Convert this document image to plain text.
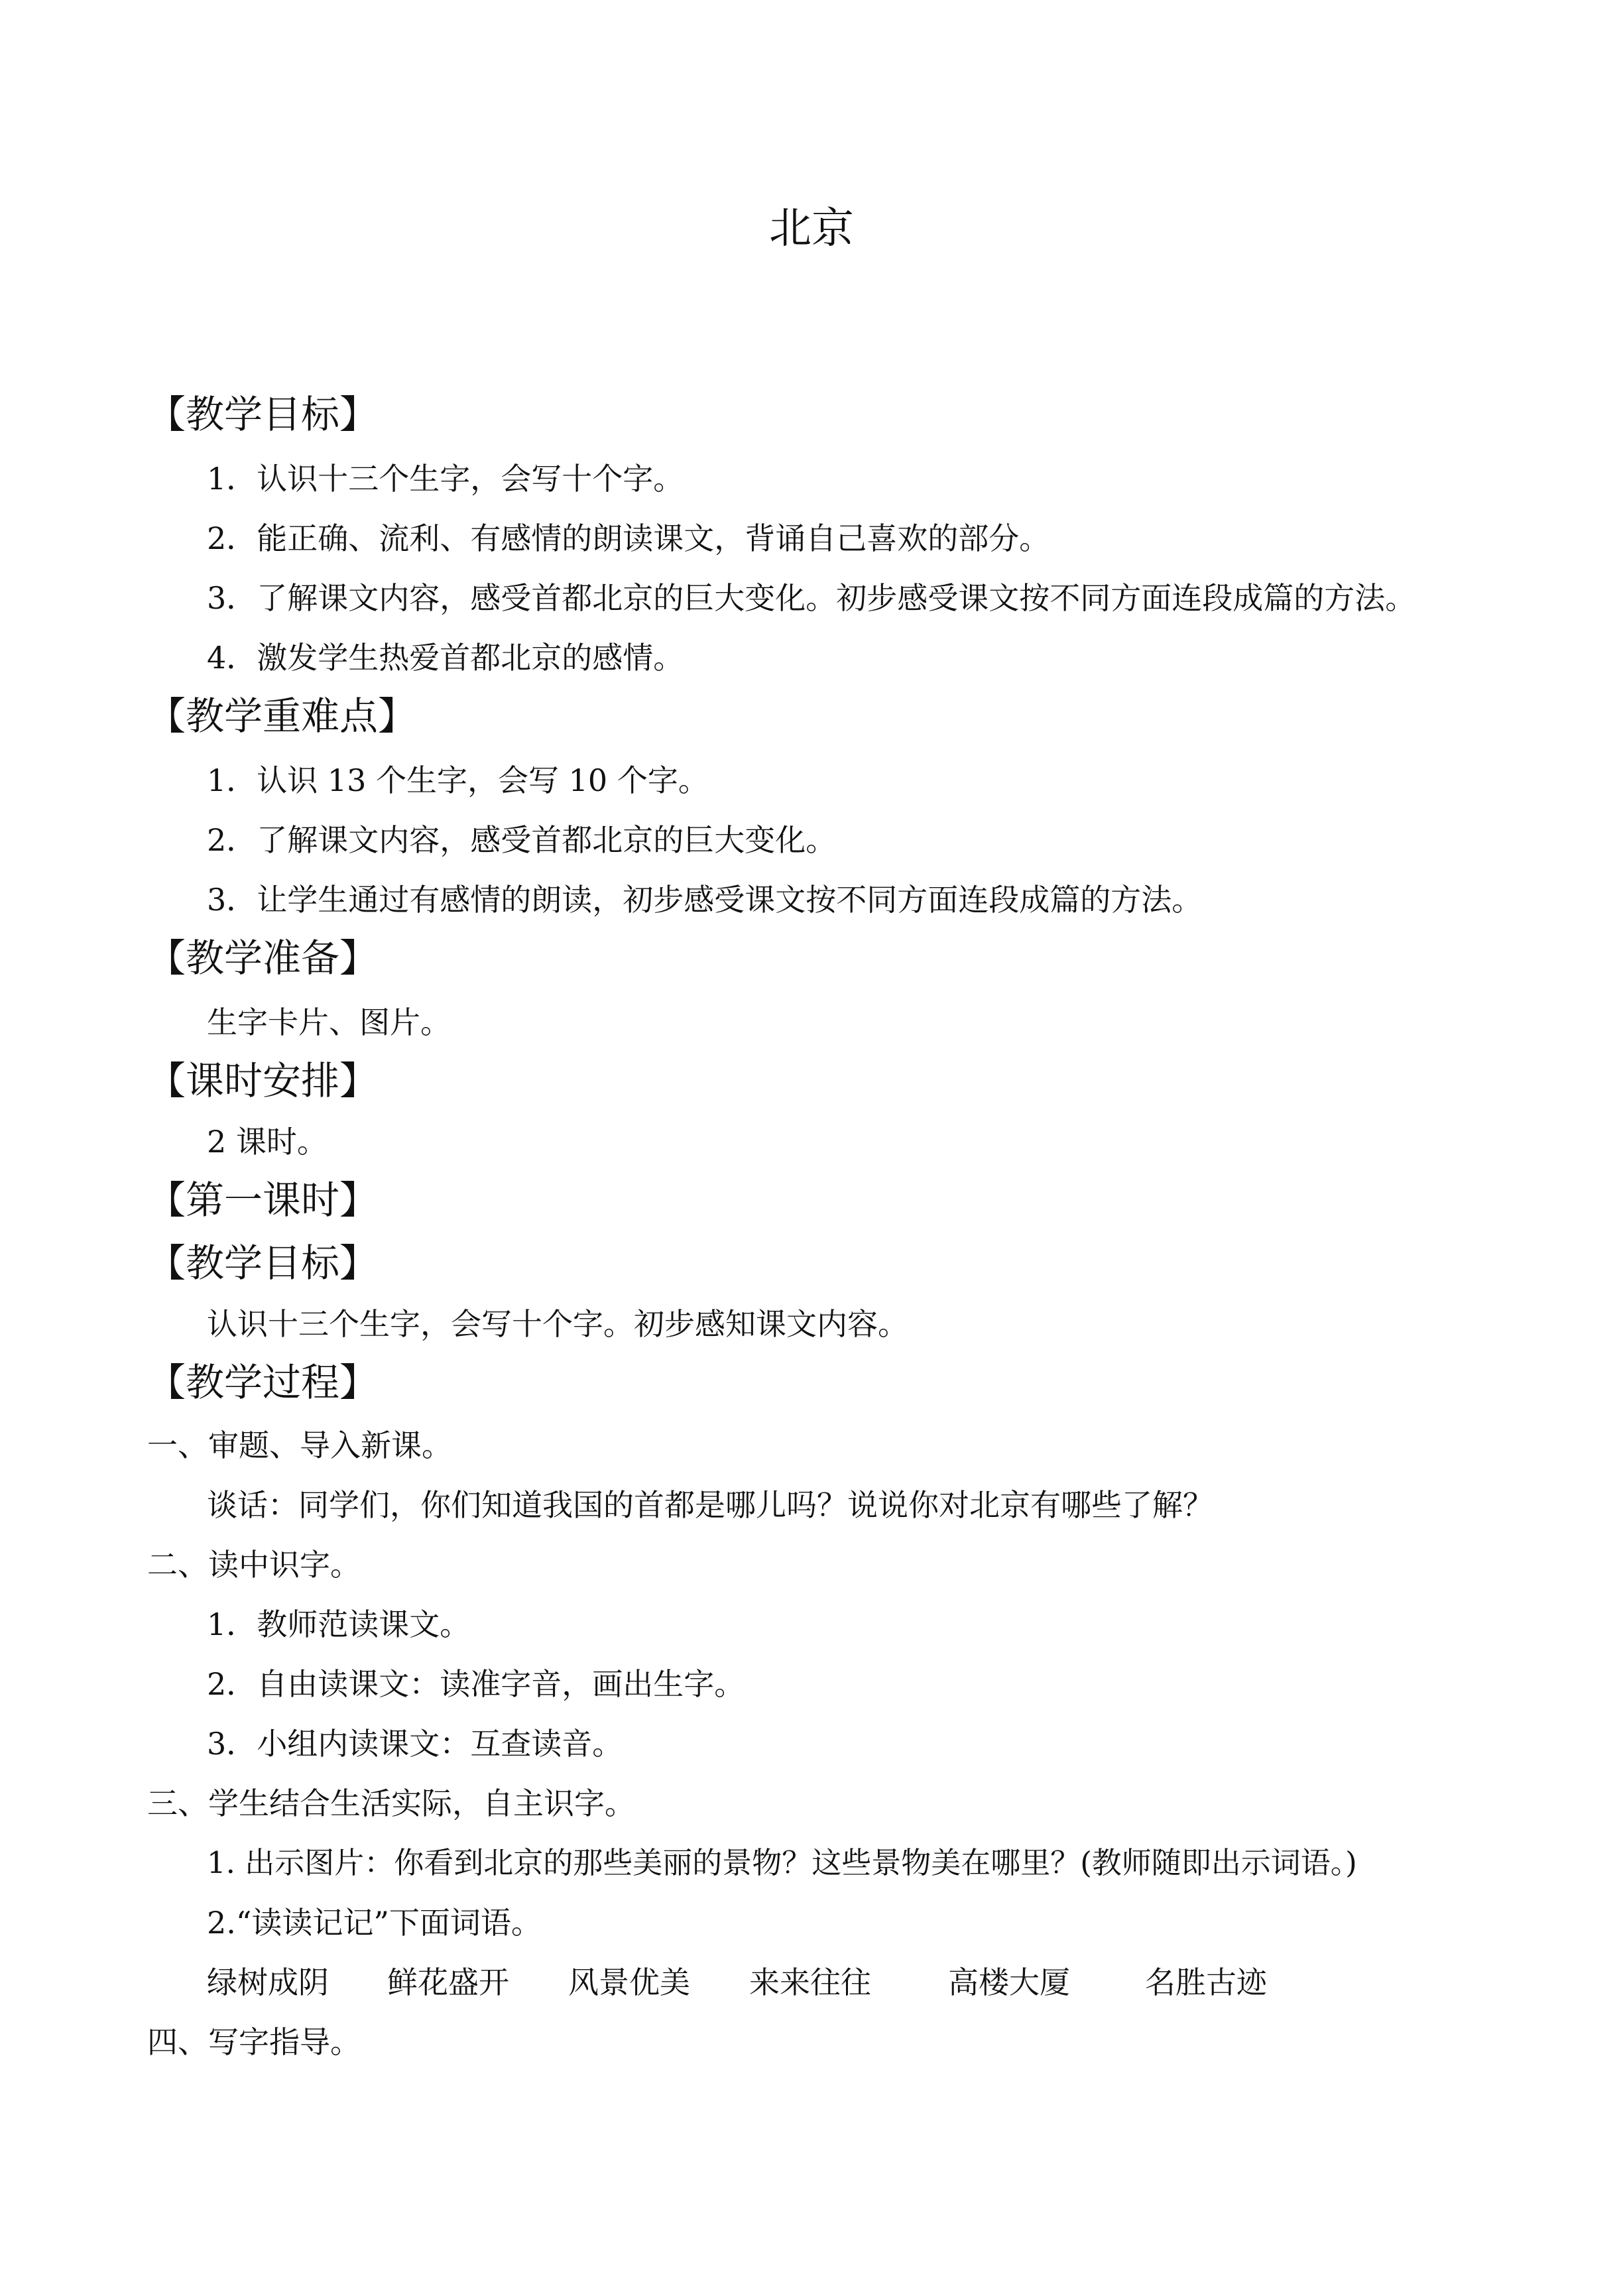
北京
【教学目标】
1．认识十三个生字，会写十个字。
2．能正确、流利、有感情的朗读课文，背诵自己喜欢的部分。
3．了解课文内容，感受首都北京的巨大变化。初步感受课文按不同方面连段成篇的方法。
4．激发学生热爱首都北京的感情。
【教学重难点】
1．认识 13 个生字，会写 10 个字。
2．了解课文内容，感受首都北京的巨大变化。
3．让学生通过有感情的朗读，初步感受课文按不同方面连段成篇的方法。
【教学准备】
生字卡片、图片。
【课时安排】
2 课时。
【第一课时】
【教学目标】
认识十三个生字，会写十个字。初步感知课文内容。
【教学过程】
一、审题、导入新课。
谈话：同学们，你们知道我国的首都是哪儿吗？说说你对北京有哪些了解？
二、读中识字。
1．教师范读课文。
2．自由读课文：读准字音，画出生字。
3．小组内读课文：互查读音。
三、学生结合生活实际，自主识字。
1. 出示图片：你看到北京的那些美丽的景物？这些景物美在哪里？(教师随即出示词语。)
2.“读读记记”下面词语。
绿树成阴 鲜花盛开 风景优美 来来往往	高楼大厦 名胜古迹
四、写字指导。
